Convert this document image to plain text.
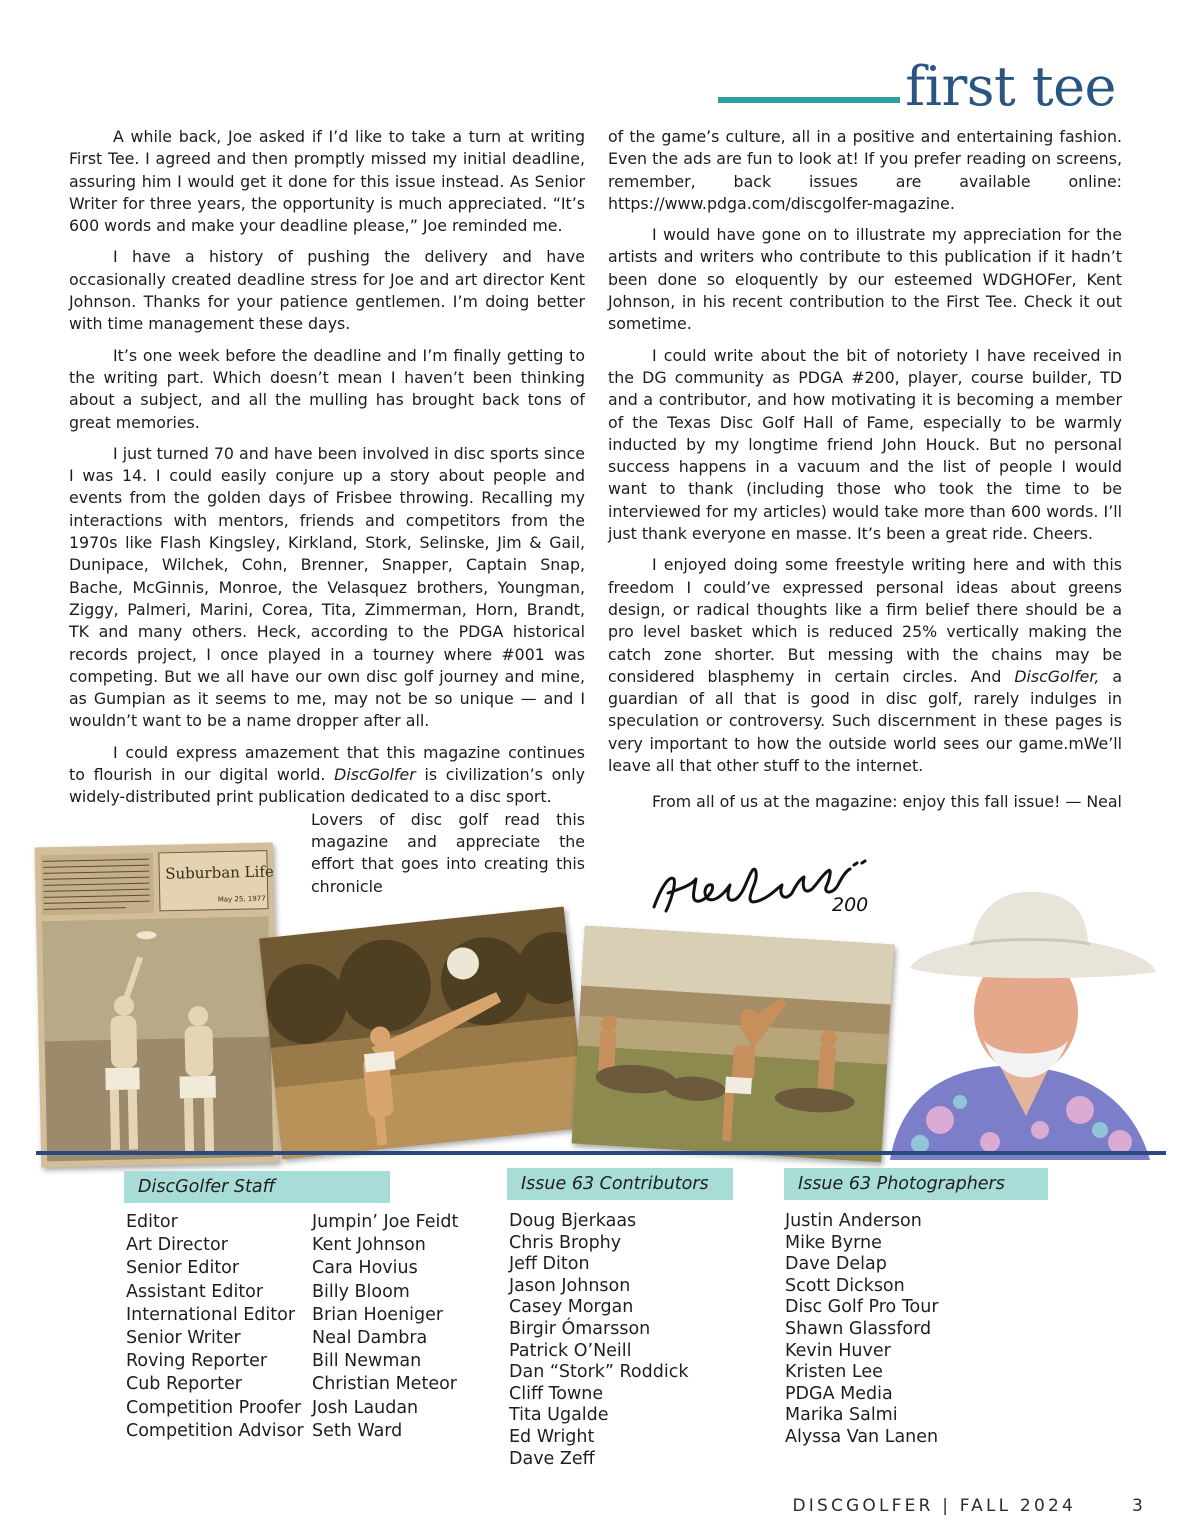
first tee

A while back, Joe asked if I’d like to take a turn at writing First Tee. I agreed and then promptly missed my initial deadline, assuring him I would get it done for this issue instead. As Senior Writer for three years, the opportunity is much appreciated. “It’s 600 words and make your deadline please,” Joe reminded me.

I have a history of pushing the delivery and have occasionally created deadline stress for Joe and art director Kent Johnson. Thanks for your patience gentlemen. I’m doing better with time management these days.

It’s one week before the deadline and I’m finally getting to the writing part. Which doesn’t mean I haven’t been thinking about a subject, and all the mulling has brought back tons of great memories.

I just turned 70 and have been involved in disc sports since I was 14. I could easily conjure up a story about people and events from the golden days of Frisbee throwing. Recalling my interactions with mentors, friends and competitors from the 1970s like Flash Kingsley, Kirkland, Stork, Selinske, Jim & Gail, Dunipace, Wilchek, Cohn, Brenner, Snapper, Captain Snap, Bache, McGinnis, Monroe, the Velasquez brothers, Youngman, Ziggy, Palmeri, Marini, Corea, Tita, Zimmerman, Horn, Brandt, TK and many others. Heck, according to the PDGA historical records project, I once played in a tourney where #001 was competing. But we all have our own disc golf journey and mine, as Gumpian as it seems to me, may not be so unique — and I wouldn’t want to be a name dropper after all.

I could express amazement that this magazine continues to flourish in our digital world. DiscGolfer is civilization’s only widely-distributed print publication dedicated to a disc sport.

Lovers of disc golf read this magazine and appreciate the effort that goes into creating this chronicle

of the game’s culture, all in a positive and entertaining fashion. Even the ads are fun to look at! If you prefer reading on screens, remember, back issues are available online: https://www.pdga.com/discgolfer-magazine.

I would have gone on to illustrate my appreciation for the artists and writers who contribute to this publication if it hadn’t been done so eloquently by our esteemed WDGHOFer, Kent Johnson, in his recent contribution to the First Tee. Check it out sometime.

I could write about the bit of notoriety I have received in the DG community as PDGA #200, player, course builder, TD and a contributor, and how motivating it is becoming a member of the Texas Disc Golf Hall of Fame, especially to be warmly inducted by my longtime friend John Houck. But no personal success happens in a vacuum and the list of people I would want to thank (including those who took the time to be interviewed for my articles) would take more than 600 words. I’ll just thank everyone en masse. It’s been a great ride. Cheers.

I enjoyed doing some freestyle writing here and with this freedom I could’ve expressed personal ideas about greens design, or radical thoughts like a firm belief there should be a pro level basket which is reduced 25% vertically making the catch zone shorter. But messing with the chains may be considered blasphemy in certain circles. And DiscGolfer, a guardian of all that is good in disc golf, rarely indulges in speculation or controversy. Such discernment in these pages is very important to how the outside world sees our game.mWe’ll leave all that other stuff to the internet.

From all of us at the magazine: enjoy this fall issue! — Neal

200
Suburban Life
May 25, 1977
DiscGolfer Staff
Editor
Art Director
Senior Editor
Assistant Editor
International Editor
Senior Writer
Roving Reporter
Cub Reporter
Competition Proofer
Competition Advisor
Jumpin’ Joe Feidt
Kent Johnson
Cara Hovius
Billy Bloom
Brian Hoeniger
Neal Dambra
Bill Newman
Christian Meteor
Josh Laudan
Seth Ward
Issue 63 Contributors
Doug Bjerkaas
Chris Brophy
Jeff Diton
Jason Johnson
Casey Morgan
Birgir Ómarsson
Patrick O’Neill
Dan “Stork” Roddick
Cliff Towne
Tita Ugalde
Ed Wright
Dave Zeff
Issue 63 Photographers
Justin Anderson
Mike Byrne
Dave Delap
Scott Dickson
Disc Golf Pro Tour
Shawn Glassford
Kevin Huver
Kristen Lee
PDGA Media
Marika Salmi
Alyssa Van Lanen
DISCGOLFER | FALL 2024	3
